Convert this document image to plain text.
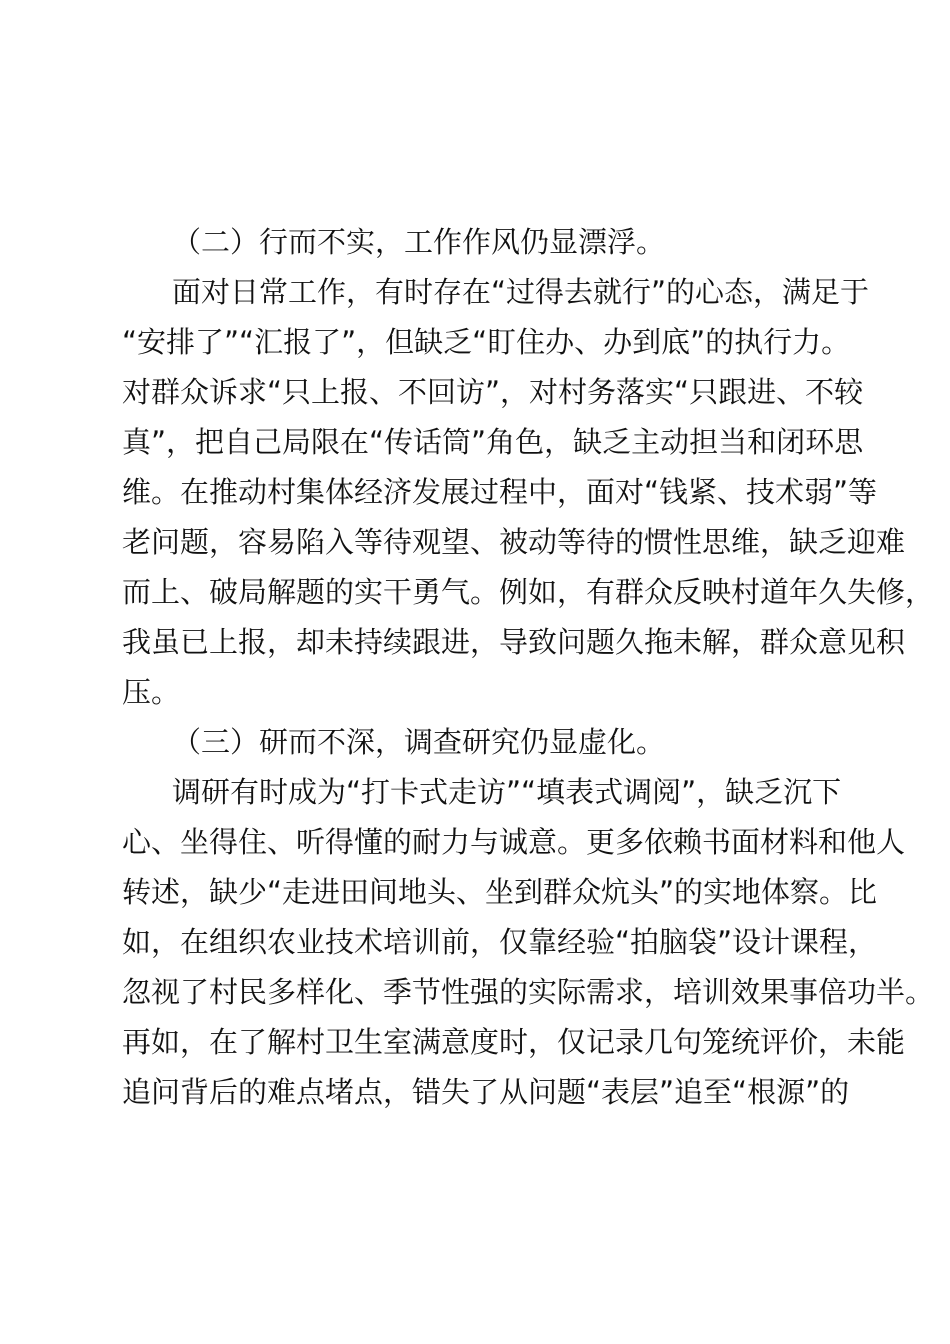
（二）行而不实，工作作风仍显漂浮。
面对日常工作，有时存在“过得去就行”的心态，满足于
“安排了”“汇报了”，但缺乏“盯住办、办到底”的执行力。
对群众诉求“只上报、不回访”，对村务落实“只跟进、不较
真”，把自己局限在“传话筒”角色，缺乏主动担当和闭环思
维。在推动村集体经济发展过程中，面对“钱紧、技术弱”等
老问题，容易陷入等待观望、被动等待的惯性思维，缺乏迎难
而上、破局解题的实干勇气。例如，有群众反映村道年久失修，
我虽已上报，却未持续跟进，导致问题久拖未解，群众意见积
压。
（三）研而不深，调查研究仍显虚化。
调研有时成为“打卡式走访”“填表式调阅”，缺乏沉下
心、坐得住、听得懂的耐力与诚意。更多依赖书面材料和他人
转述，缺少“走进田间地头、坐到群众炕头”的实地体察。比
如，在组织农业技术培训前，仅靠经验“拍脑袋”设计课程，
忽视了村民多样化、季节性强的实际需求，培训效果事倍功半。
再如，在了解村卫生室满意度时，仅记录几句笼统评价，未能
追问背后的难点堵点，错失了从问题“表层”追至“根源”的
